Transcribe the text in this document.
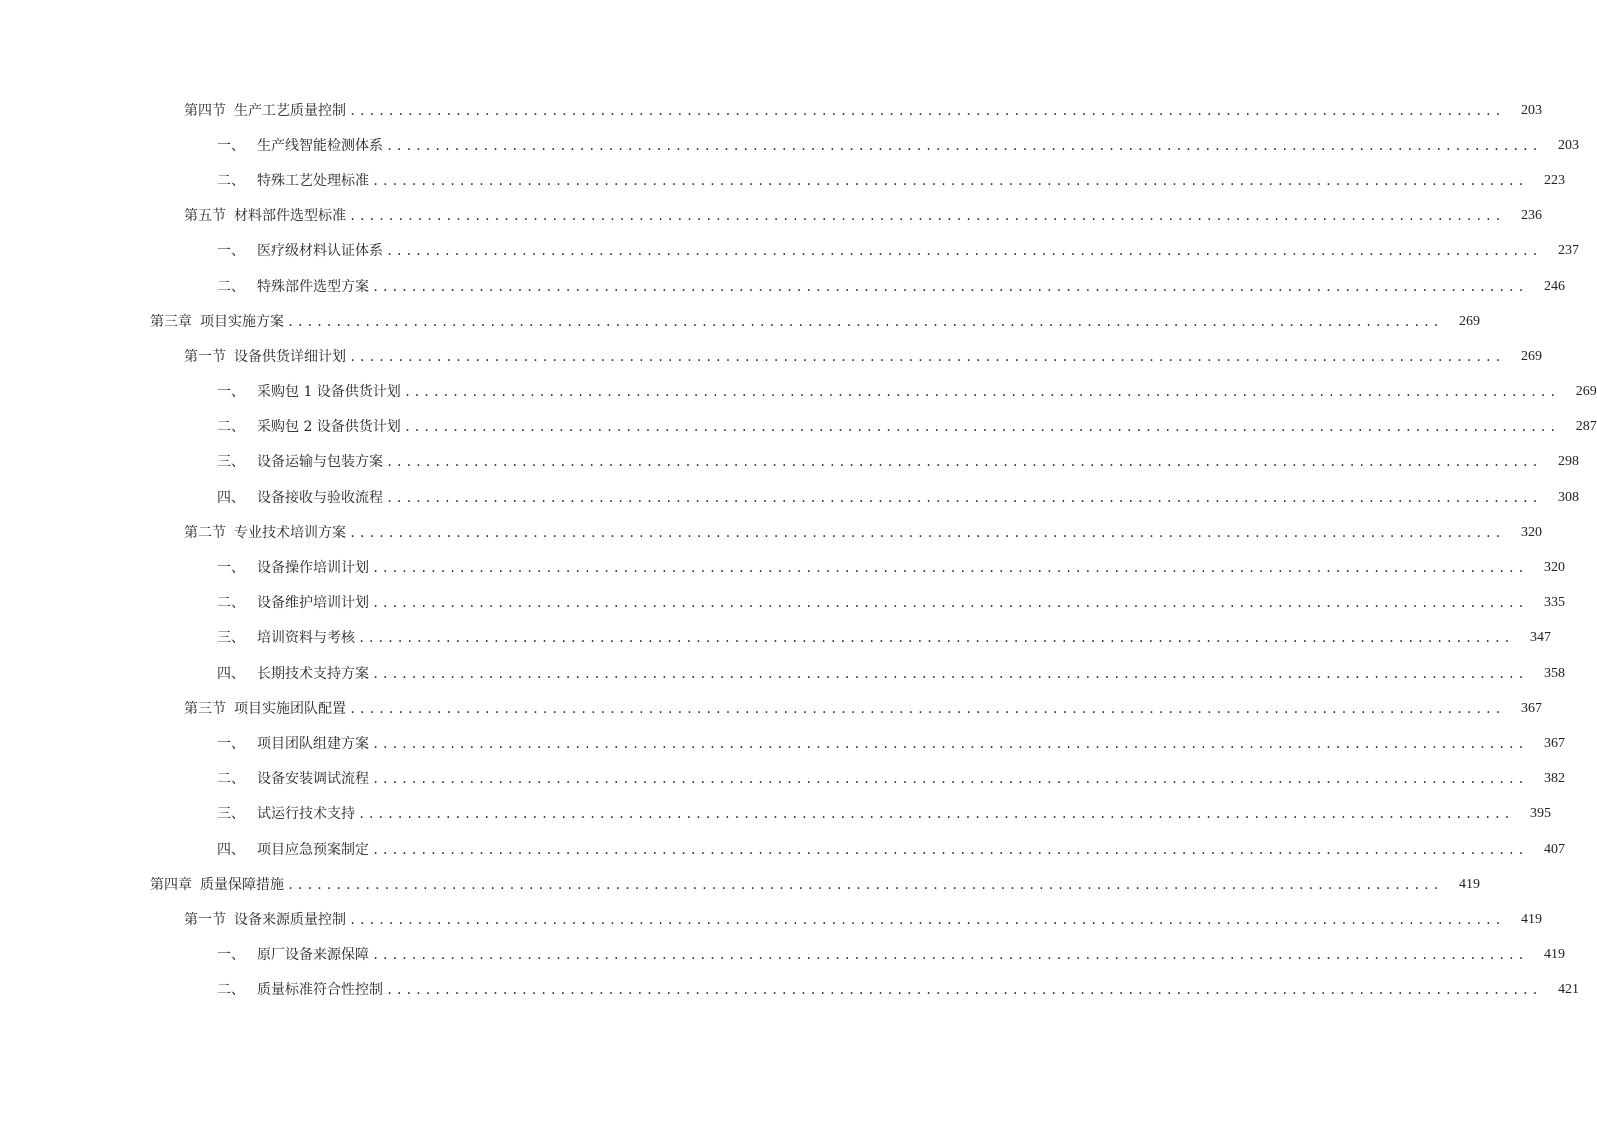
第四节 生产工艺质量控制 ........................................................................................................................	203
一、 生产线智能检测体系 ........................................................................................................................	203
二、 特殊工艺处理标准 ........................................................................................................................	223
第五节 材料部件选型标准 ........................................................................................................................	236
一、 医疗级材料认证体系 ........................................................................................................................	237
二、 特殊部件选型方案 ........................................................................................................................	246
第三章 项目实施方案 ........................................................................................................................	269
第一节 设备供货详细计划 ........................................................................................................................	269
一、 采购包 1 设备供货计划 ........................................................................................................................	269
二、 采购包 2 设备供货计划 ........................................................................................................................	287
三、 设备运输与包装方案 ........................................................................................................................	298
四、 设备接收与验收流程 ........................................................................................................................	308
第二节 专业技术培训方案 ........................................................................................................................	320
一、 设备操作培训计划 ........................................................................................................................	320
二、 设备维护培训计划 ........................................................................................................................	335
三、 培训资料与考核 ........................................................................................................................	347
四、 长期技术支持方案 ........................................................................................................................	358
第三节 项目实施团队配置 ........................................................................................................................	367
一、 项目团队组建方案 ........................................................................................................................	367
二、 设备安装调试流程 ........................................................................................................................	382
三、 试运行技术支持 ........................................................................................................................	395
四、 项目应急预案制定 ........................................................................................................................	407
第四章 质量保障措施 ........................................................................................................................	419
第一节 设备来源质量控制 ........................................................................................................................	419
一、 原厂设备来源保障 ........................................................................................................................	419
二、 质量标准符合性控制 ........................................................................................................................	421
